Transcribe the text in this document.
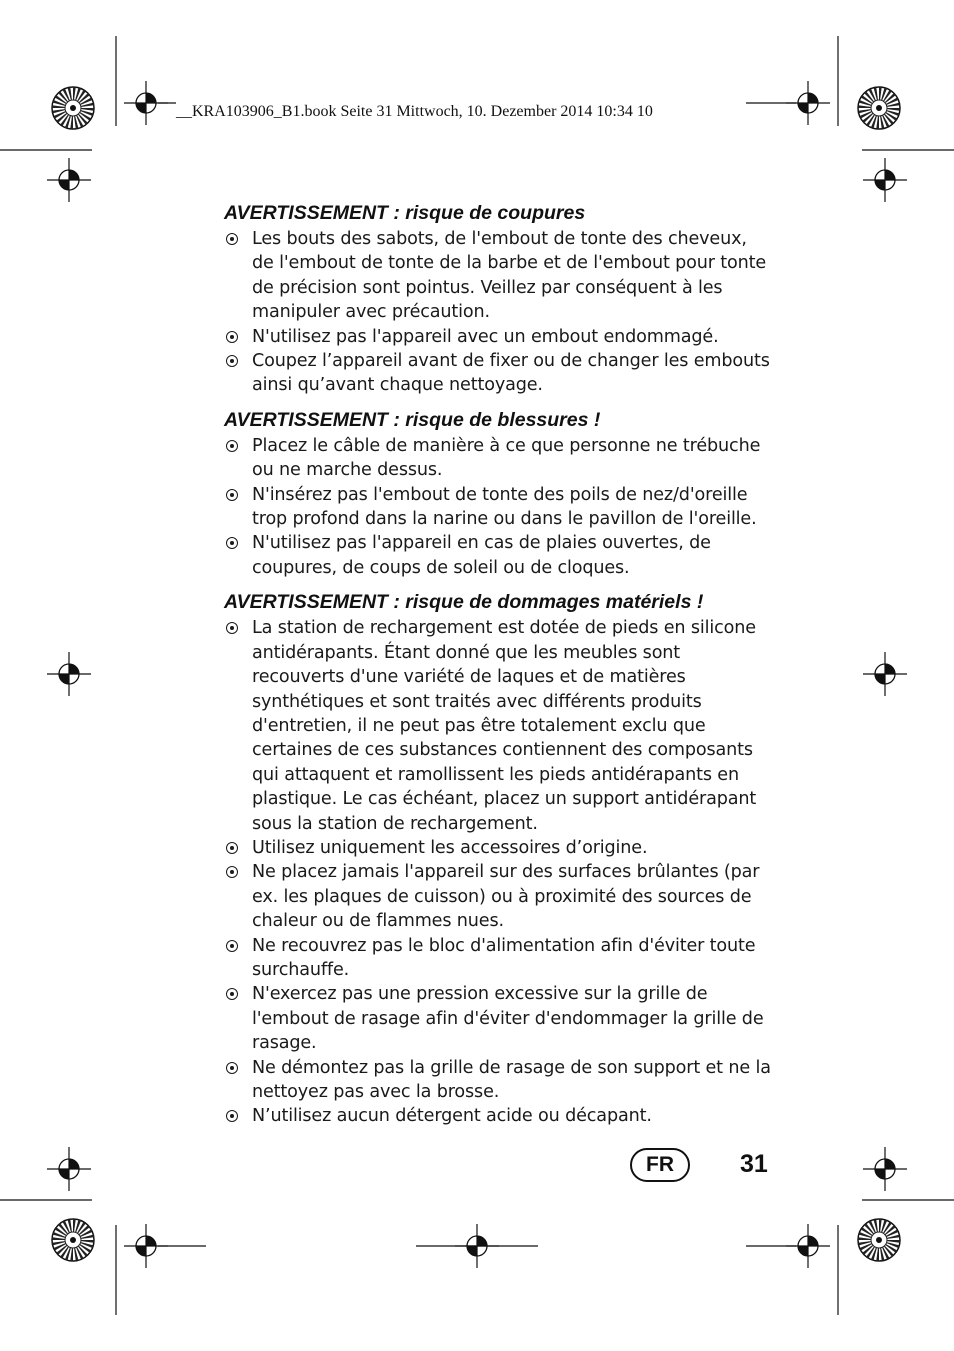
__KRA103906_B1.book Seite 31 Mittwoch, 10. Dezember 2014 10:34 10
AVERTISSEMENT : risque de coupures
Les bouts des sabots, de l'embout de tonte des cheveux, de l'embout de tonte de la barbe et de l'embout pour tonte de précision sont pointus. Veillez par conséquent à les manipuler avec précaution.
N'utilisez pas l'appareil avec un embout endommagé.
Coupez l’appareil avant de fixer ou de changer les embouts ainsi qu’avant chaque nettoyage.
AVERTISSEMENT : risque de blessures !
Placez le câble de manière à ce que personne ne trébuche ou ne marche dessus.
N'insérez pas l'embout de tonte des poils de nez/d'oreille trop profond dans la narine ou dans le pavillon de l'oreille.
N'utilisez pas l'appareil en cas de plaies ouvertes, de coupures, de coups de soleil ou de cloques.
AVERTISSEMENT : risque de dommages matériels !
La station de rechargement est dotée de pieds en silicone antidérapants. Étant donné que les meubles sont recouverts d'une variété de laques et de matières synthétiques et sont traités avec différents produits d'entretien, il ne peut pas être totalement exclu que certaines de ces substances contiennent des composants qui attaquent et ramollissent les pieds antidérapants en plastique. Le cas échéant, placez un support antidérapant sous la station de rechargement.
Utilisez uniquement les accessoires d’origine.
Ne placez jamais l'appareil sur des surfaces brûlantes (par ex. les plaques de cuisson) ou à proximité des sources de chaleur ou de flammes nues.
Ne recouvrez pas le bloc d'alimentation afin d'éviter toute surchauffe.
N'exercez pas une pression excessive sur la grille de l'embout de rasage afin d'éviter d'endommager la grille de rasage.
Ne démontez pas la grille de rasage de son support et ne la nettoyez pas avec la brosse.
N’utilisez aucun détergent acide ou décapant.
FR	31
